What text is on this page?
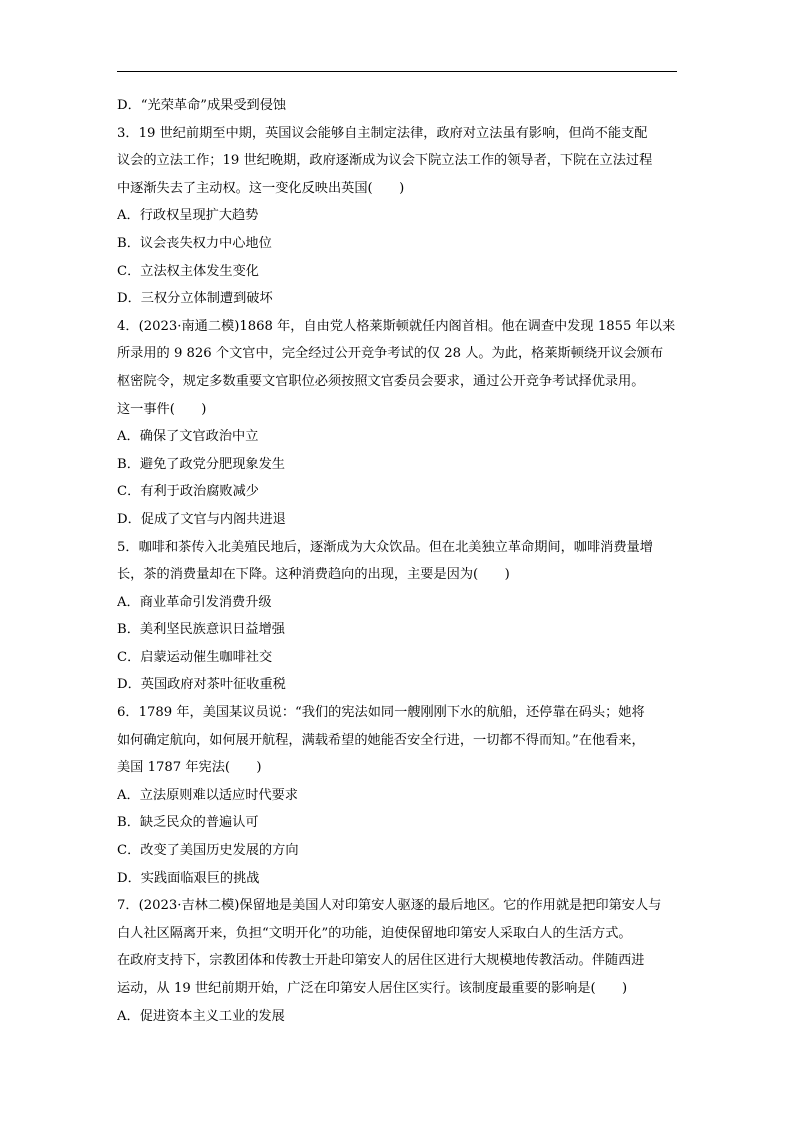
D．“光荣革命”成果受到侵蚀
3．19 世纪前期至中期，英国议会能够自主制定法律，政府对立法虽有影响，但尚不能支配
议会的立法工作；19 世纪晚期，政府逐渐成为议会下院立法工作的领导者，下院在立法过程
中逐渐失去了主动权。这一变化反映出英国(　　)
A．行政权呈现扩大趋势
B．议会丧失权力中心地位
C．立法权主体发生变化
D．三权分立体制遭到破坏
4．(2023·南通二模)1868 年，自由党人格莱斯顿就任内阁首相。他在调查中发现 1855 年以来
所录用的 9 826 个文官中，完全经过公开竞争考试的仅 28 人。为此，格莱斯顿绕开议会颁布
枢密院令，规定多数重要文官职位必须按照文官委员会要求，通过公开竞争考试择优录用。
这一事件(　　)
A．确保了文官政治中立
B．避免了政党分肥现象发生
C．有利于政治腐败减少
D．促成了文官与内阁共进退
5．咖啡和茶传入北美殖民地后，逐渐成为大众饮品。但在北美独立革命期间，咖啡消费量增
长，茶的消费量却在下降。这种消费趋向的出现，主要是因为(　　)
A．商业革命引发消费升级
B．美利坚民族意识日益增强
C．启蒙运动催生咖啡社交
D．英国政府对茶叶征收重税
6．1789 年，美国某议员说：“我们的宪法如同一艘刚刚下水的航船，还停靠在码头；她将
如何确定航向，如何展开航程，满载希望的她能否安全行进，一切都不得而知。”在他看来，
美国 1787 年宪法(　　)
A．立法原则难以适应时代要求
B．缺乏民众的普遍认可
C．改变了美国历史发展的方向
D．实践面临艰巨的挑战
7．(2023·吉林二模)保留地是美国人对印第安人驱逐的最后地区。它的作用就是把印第安人与
白人社区隔离开来，负担“文明开化”的功能，迫使保留地印第安人采取白人的生活方式。
在政府支持下，宗教团体和传教士开赴印第安人的居住区进行大规模地传教活动。伴随西进
运动，从 19 世纪前期开始，广泛在印第安人居住区实行。该制度最重要的影响是(　　)
A．促进资本主义工业的发展
